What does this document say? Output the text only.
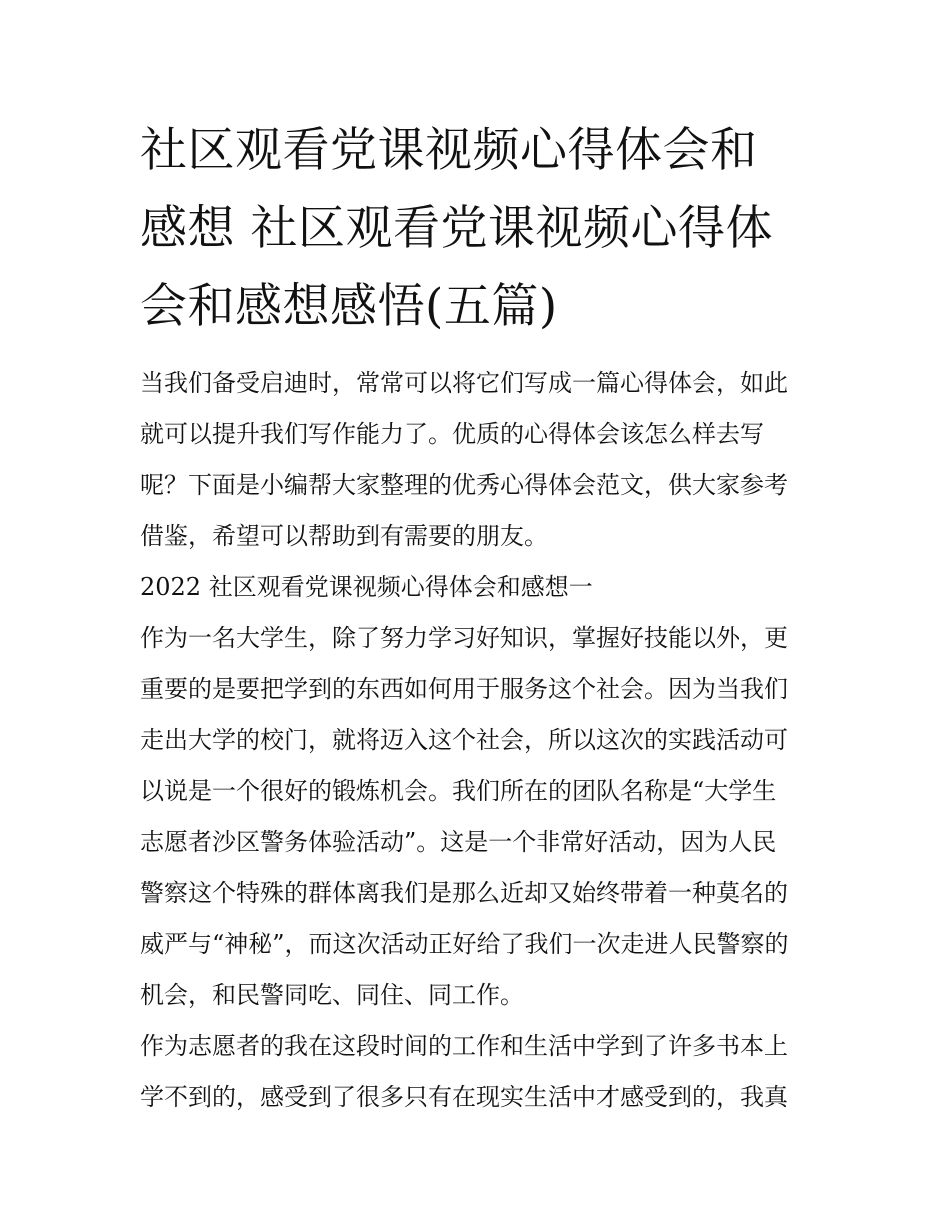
社区观看党课视频心得体会和
感想 社区观看党课视频心得体
会和感想感悟(五篇)

当我们备受启迪时，常常可以将它们写成一篇心得体会，如此
就可以提升我们写作能力了。优质的心得体会该怎么样去写
呢？下面是小编帮大家整理的优秀心得体会范文，供大家参考
借鉴，希望可以帮助到有需要的朋友。

2022 社区观看党课视频心得体会和感想一

作为一名大学生，除了努力学习好知识，掌握好技能以外，更
重要的是要把学到的东西如何用于服务这个社会。因为当我们
走出大学的校门，就将迈入这个社会，所以这次的实践活动可
以说是一个很好的锻炼机会。我们所在的团队名称是“大学生
志愿者沙区警务体验活动”。这是一个非常好活动，因为人民
警察这个特殊的群体离我们是那么近却又始终带着一种莫名的
威严与“神秘”，而这次活动正好给了我们一次走进人民警察的
机会，和民警同吃、同住、同工作。

作为志愿者的我在这段时间的工作和生活中学到了许多书本上
学不到的，感受到了很多只有在现实生活中才感受到的，我真
